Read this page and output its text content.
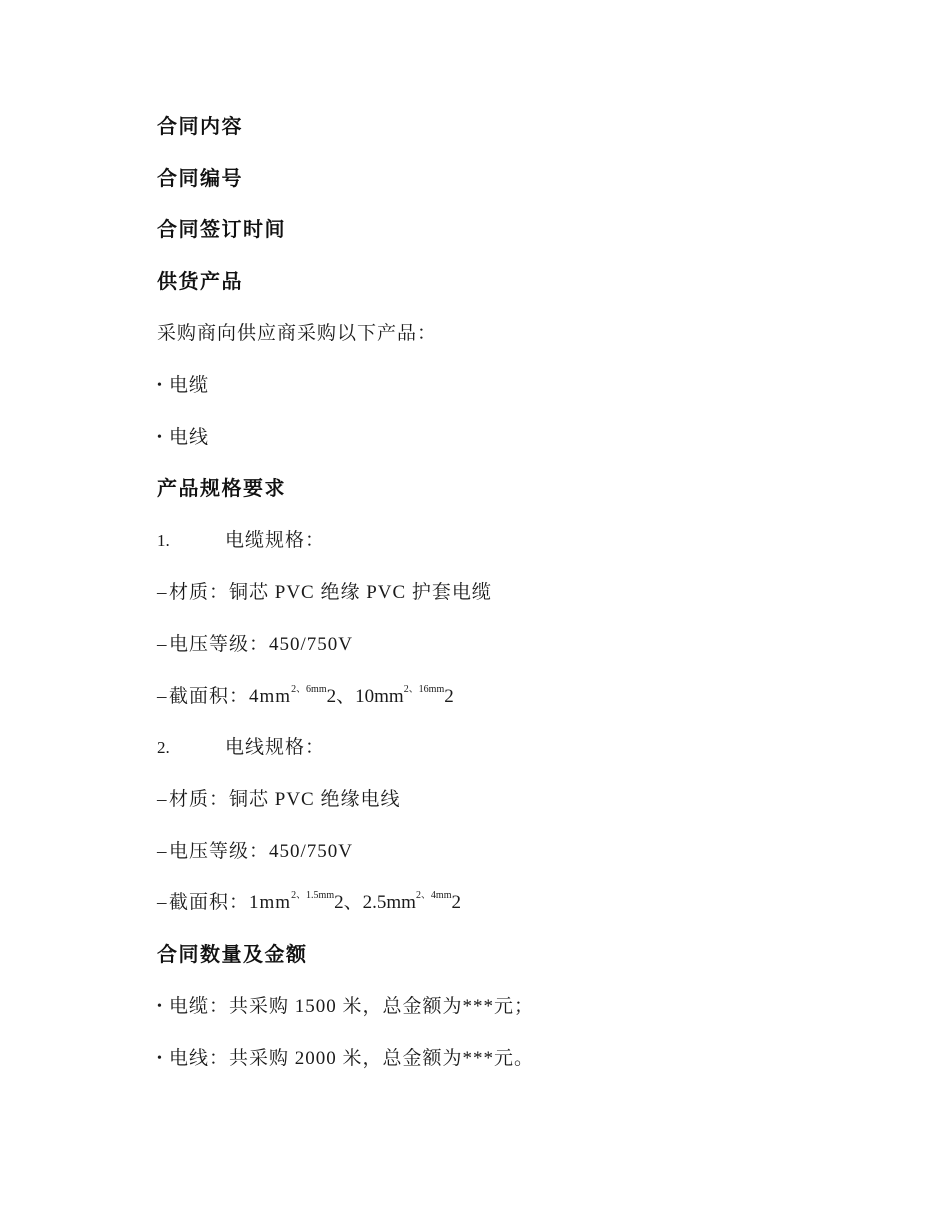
合同内容
合同编号
合同签订时间
供货产品
采购商向供应商采购以下产品：
• 电缆
• 电线
产品规格要求
1.	电缆规格：
– 材质：铜芯 PVC 绝缘 PVC 护套电缆
– 电压等级：450/750V
– 截面积：$4mm^{2、6mm}2$、$10mm^{2、16mm}2$
2.	电线规格：
– 材质：铜芯 PVC 绝缘电线
– 电压等级：450/750V
– 截面积：$1mm^{2、1.5mm}2$、$2.5mm^{2、4mm}2$
合同数量及金额
• 电缆：共采购 1500 米，总金额为***元；
• 电线：共采购 2000 米，总金额为***元。
